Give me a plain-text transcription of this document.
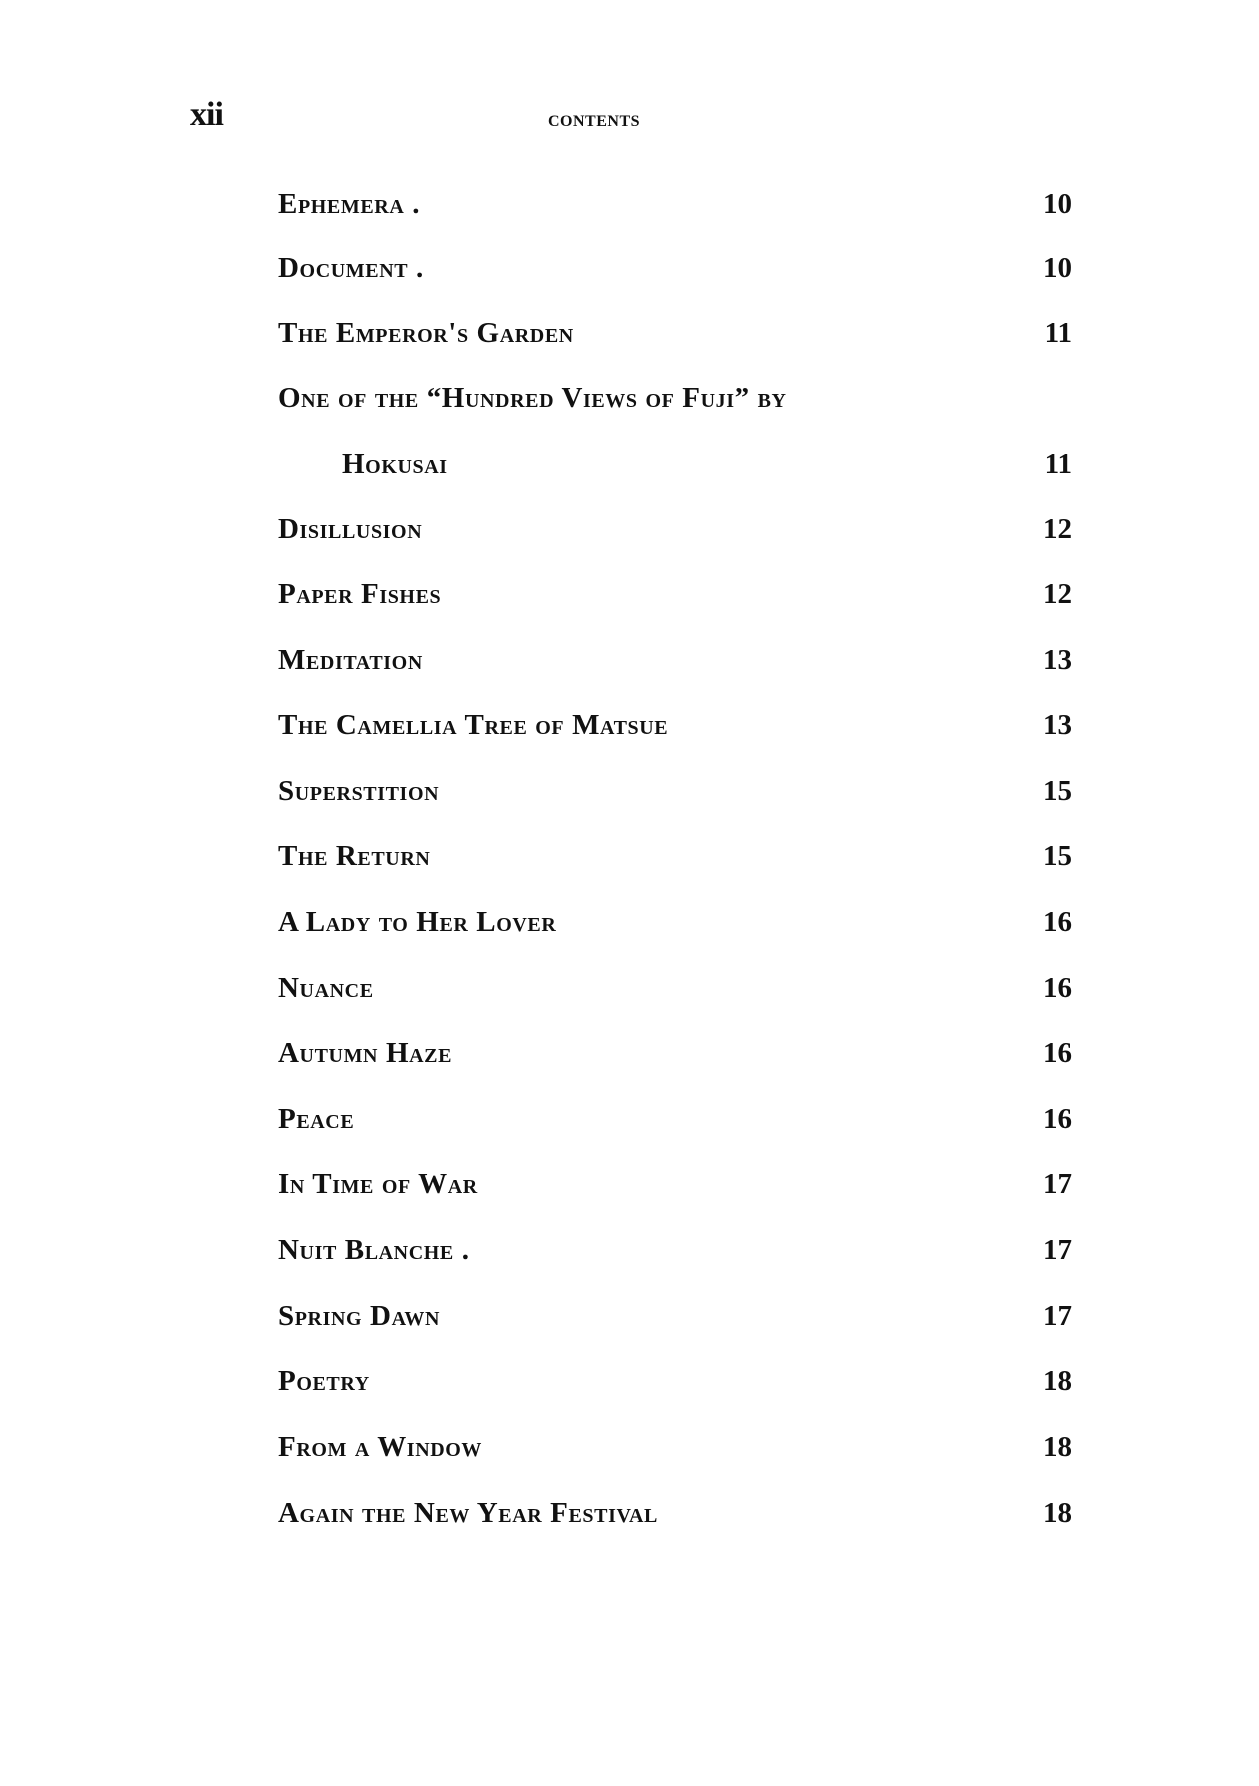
xii	contents
Ephemera .	10
Document .	10
The Emperor's Garden	11
One of the “Hundred Views of Fuji” by
Hokusai	11
Disillusion	12
Paper Fishes	12
Meditation	13
The Camellia Tree of Matsue	13
Superstition	15
The Return	15
A Lady to Her Lover	16
Nuance	16
Autumn Haze	16
Peace	16
In Time of War	17
Nuit Blanche .	17
Spring Dawn	17
Poetry	18
From a Window	18
Again the New Year Festival	18
